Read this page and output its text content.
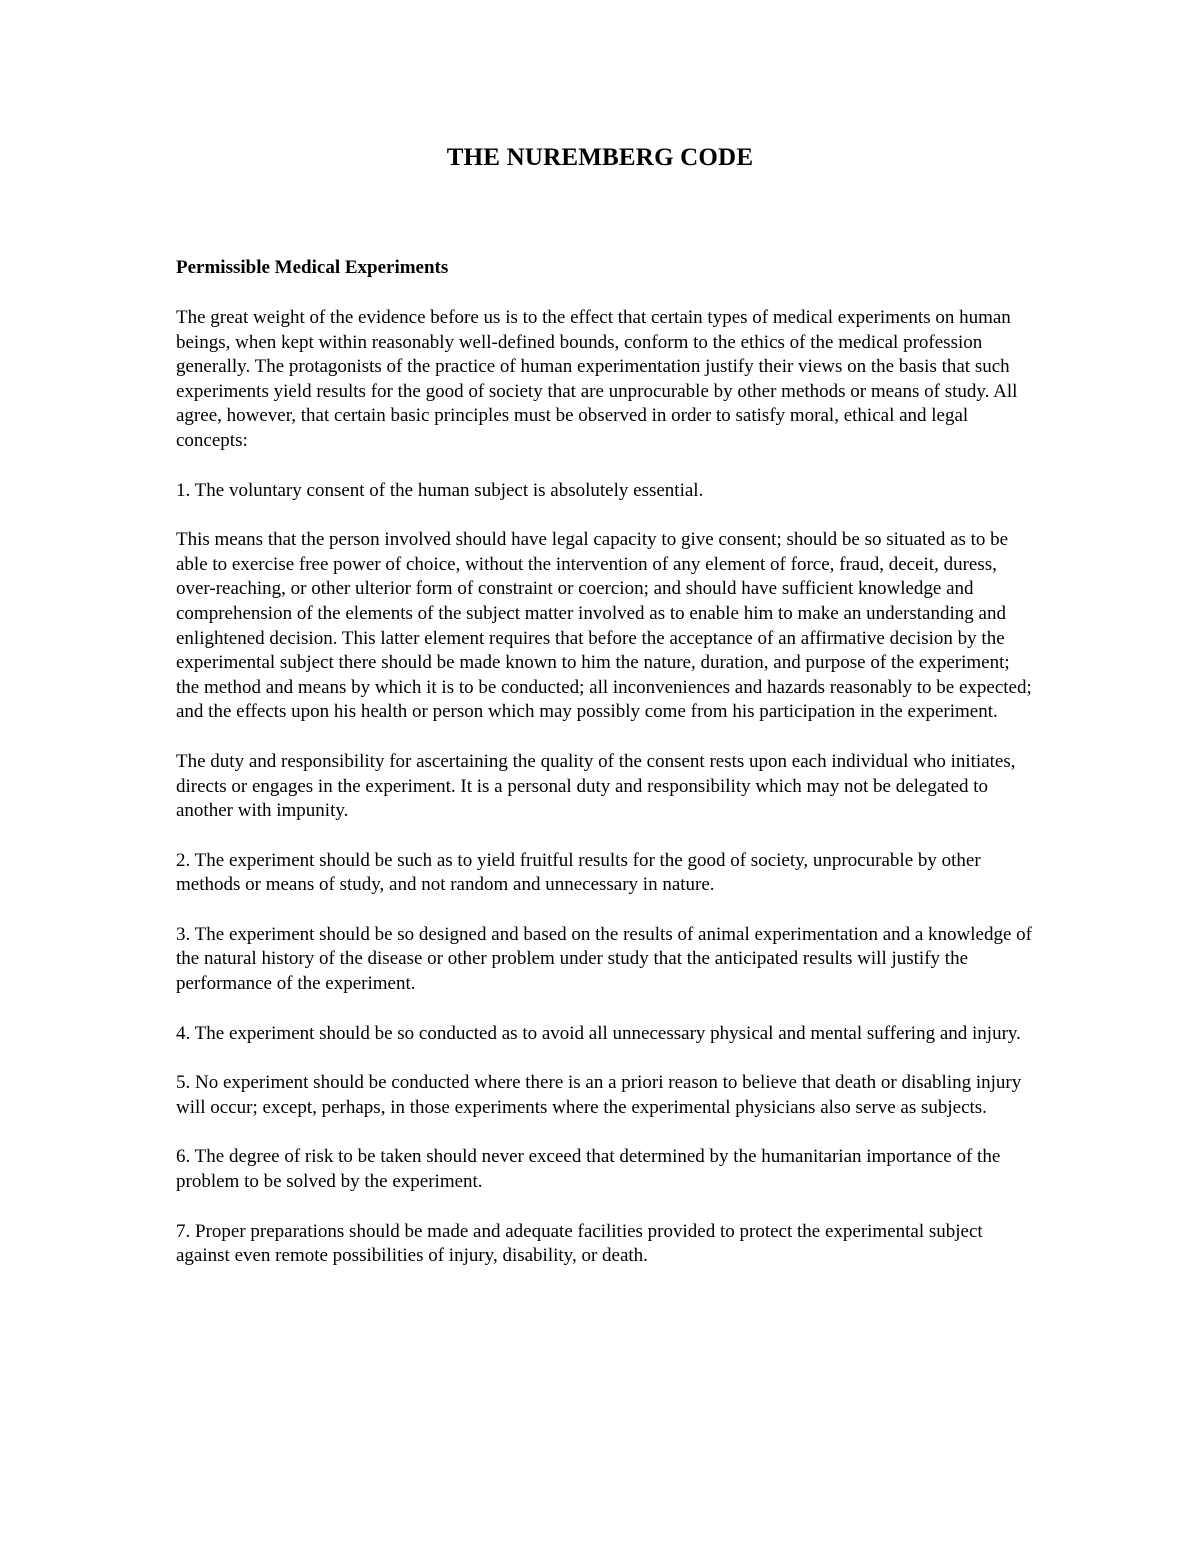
THE NUREMBERG CODE
Permissible Medical Experiments

The great weight of the evidence before us is to the effect that certain types of medical experiments on human beings, when kept within reasonably well-defined bounds, conform to the ethics of the medical profession generally. The protagonists of the practice of human experimentation justify their views on the basis that such experiments yield results for the good of society that are unprocurable by other methods or means of study. All agree, however, that certain basic principles must be observed in order to satisfy moral, ethical and legal concepts:

1. The voluntary consent of the human subject is absolutely essential.

This means that the person involved should have legal capacity to give consent; should be so situated as to be able to exercise free power of choice, without the intervention of any element of force, fraud, deceit, duress, over-reaching, or other ulterior form of constraint or coercion; and should have sufficient knowledge and comprehension of the elements of the subject matter involved as to enable him to make an understanding and enlightened decision. This latter element requires that before the acceptance of an affirmative decision by the experimental subject there should be made known to him the nature, duration, and purpose of the experiment; the method and means by which it is to be conducted; all inconveniences and hazards reasonably to be expected; and the effects upon his health or person which may possibly come from his participation in the experiment.

The duty and responsibility for ascertaining the quality of the consent rests upon each individual who initiates, directs or engages in the experiment. It is a personal duty and responsibility which may not be delegated to another with impunity.

2. The experiment should be such as to yield fruitful results for the good of society, unprocurable by other methods or means of study, and not random and unnecessary in nature.

3. The experiment should be so designed and based on the results of animal experimentation and a knowledge of the natural history of the disease or other problem under study that the anticipated results will justify the performance of the experiment.

4. The experiment should be so conducted as to avoid all unnecessary physical and mental suffering and injury.

5. No experiment should be conducted where there is an a priori reason to believe that death or disabling injury will occur; except, perhaps, in those experiments where the experimental physicians also serve as subjects.

6. The degree of risk to be taken should never exceed that determined by the humanitarian importance of the problem to be solved by the experiment.

7. Proper preparations should be made and adequate facilities provided to protect the experimental subject against even remote possibilities of injury, disability, or death.
